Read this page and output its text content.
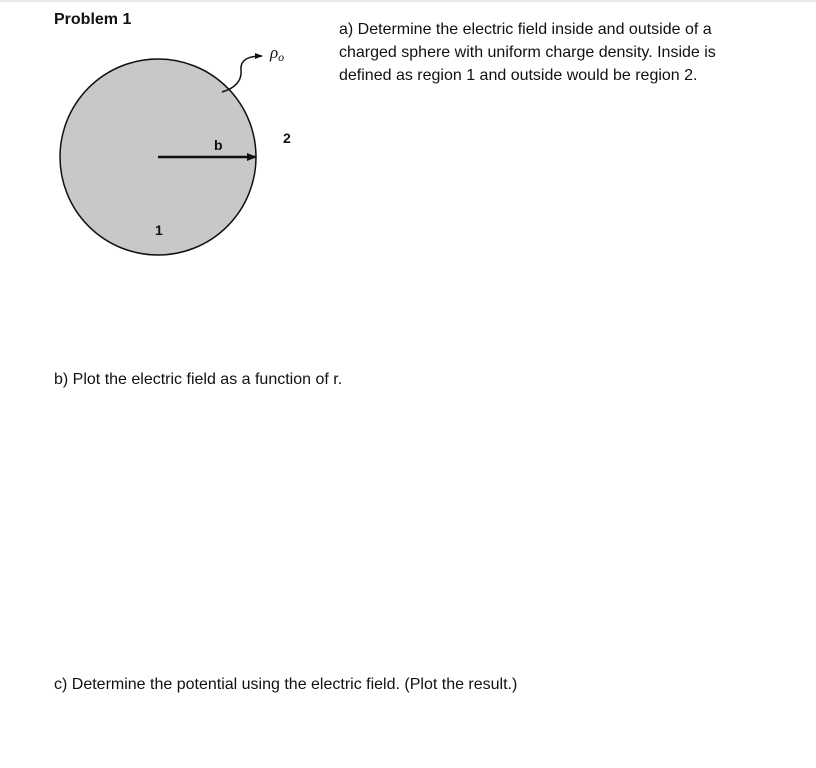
Problem 1
a) Determine the electric field inside and outside of a charged sphere with uniform charge density. Inside is defined as region 1 and outside would be region 2.
b
1
2
ρo
b) Plot the electric field as a function of r.
c) Determine the potential using the electric field. (Plot the result.)
